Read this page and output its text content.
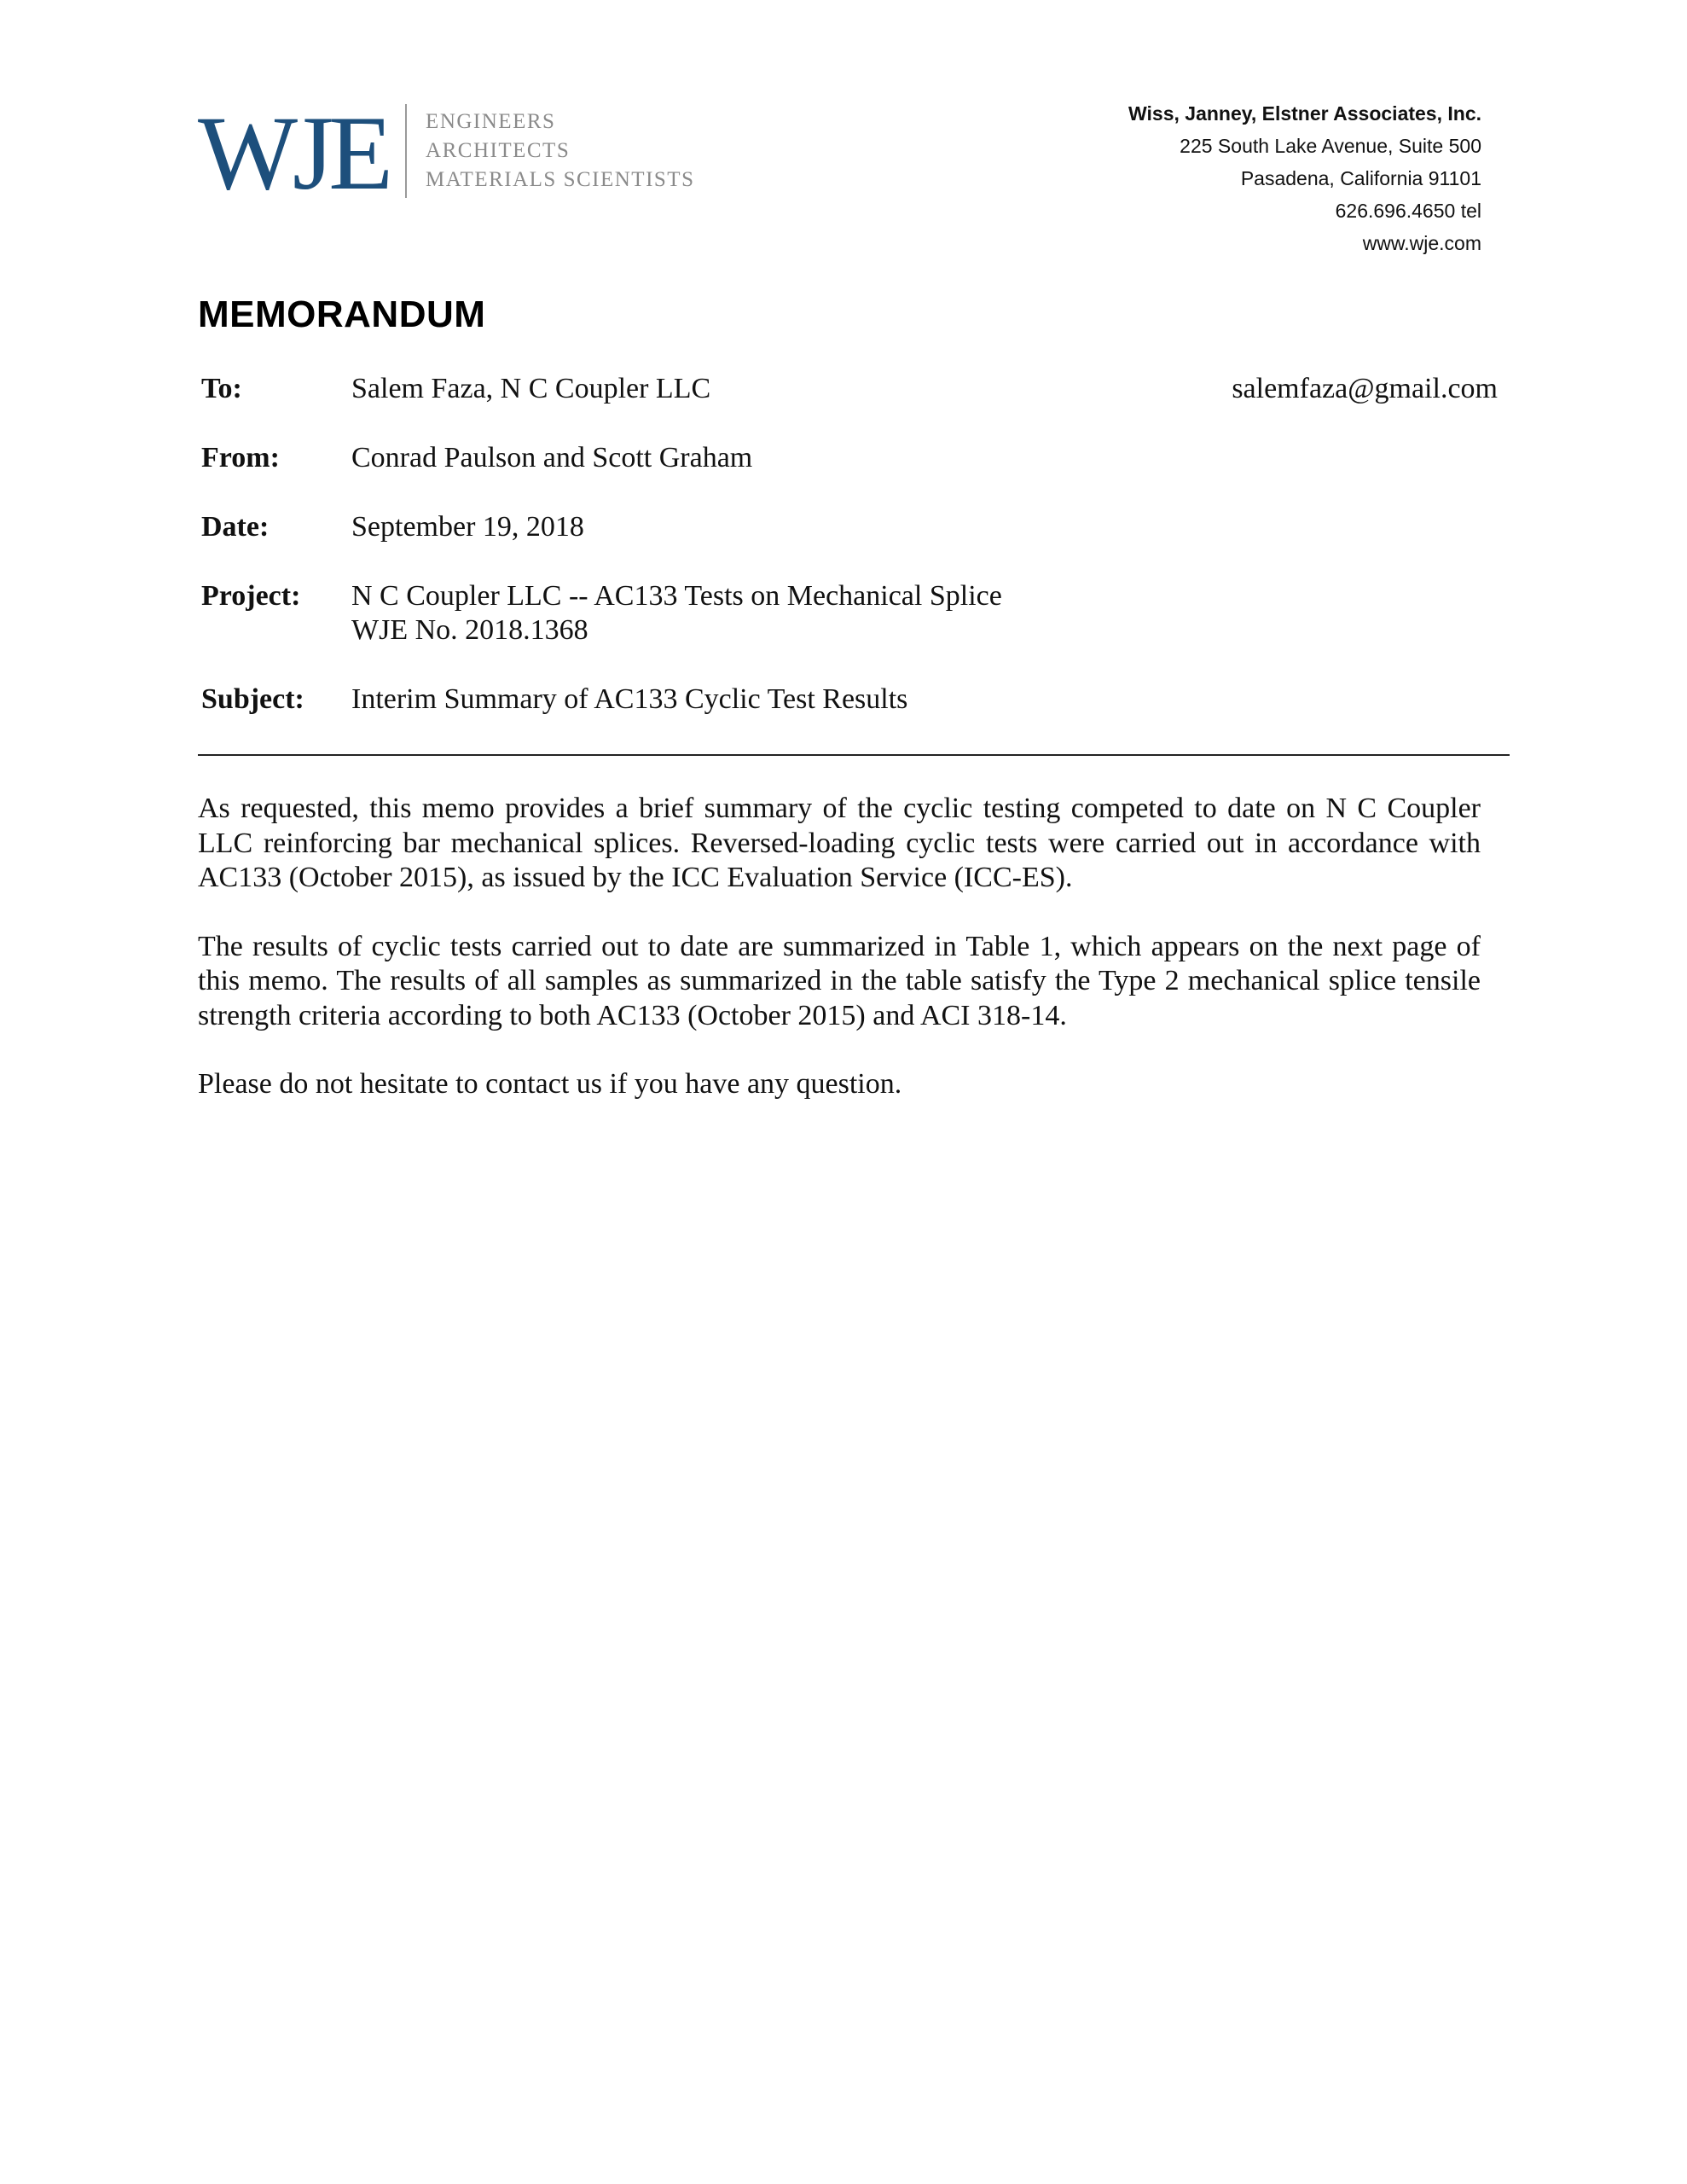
WJE ENGINEERS
ARCHITECTS
MATERIALS SCIENTISTS
Wiss, Janney, Elstner Associates, Inc.
225 South Lake Avenue, Suite 500
Pasadena, California 91101
626.696.4650 tel
www.wje.com
MEMORANDUM
To:	Salem Faza, N C Coupler LLC	salemfaza@gmail.com
From:	Conrad Paulson and Scott Graham
Date:	September 19, 2018
Project:	N C Coupler LLC -- AC133 Tests on Mechanical Splice
WJE No. 2018.1368
Subject:	Interim Summary of AC133 Cyclic Test Results

As requested, this memo provides a brief summary of the cyclic testing competed to date on N C Coupler LLC reinforcing bar mechanical splices. Reversed-loading cyclic tests were carried out in accordance with AC133 (October 2015), as issued by the ICC Evaluation Service (ICC-ES).

The results of cyclic tests carried out to date are summarized in Table 1, which appears on the next page of this memo. The results of all samples as summarized in the table satisfy the Type 2 mechanical splice tensile strength criteria according to both AC133 (October 2015) and ACI 318-14.

Please do not hesitate to contact us if you have any question.
